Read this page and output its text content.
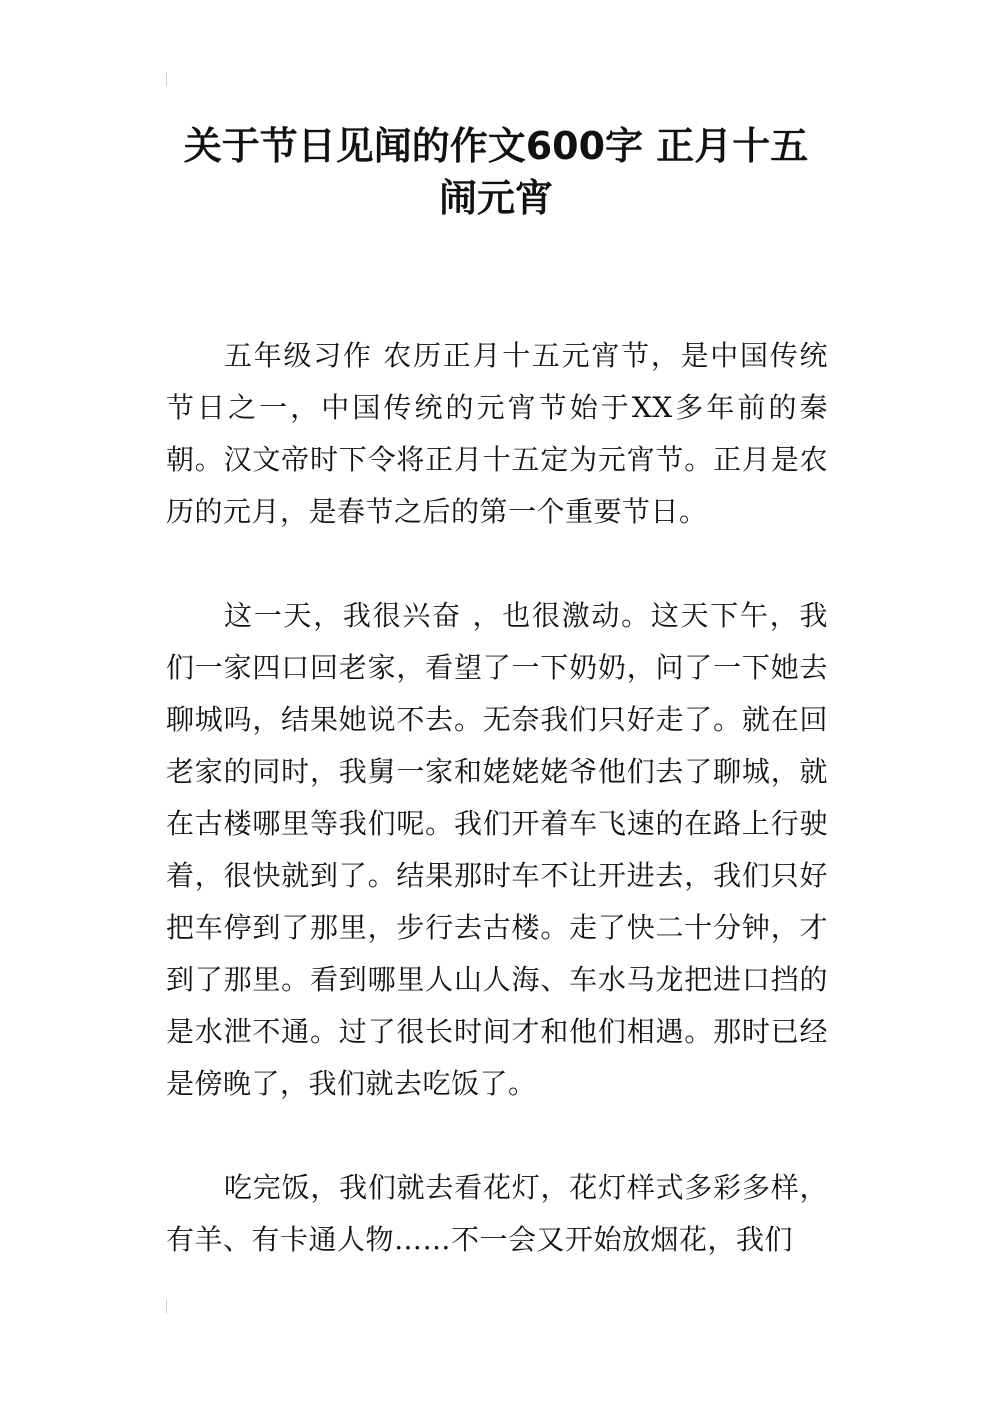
关于节日见闻的作文600字 正月十五
闹元宵

五年级习作 农历正月十五元宵节，是中国传统节日之一，中国传统的元宵节始于XX多年前的秦朝。汉文帝时下令将正月十五定为元宵节。正月是农历的元月，是春节之后的第一个重要节日。

这一天，我很兴奋 ，也很激动。这天下午，我们一家四口回老家，看望了一下奶奶，问了一下她去聊城吗，结果她说不去。无奈我们只好走了。就在回老家的同时，我舅一家和姥姥姥爷他们去了聊城，就在古楼哪里等我们呢。我们开着车飞速的在路上行驶着，很快就到了。结果那时车不让开进去，我们只好把车停到了那里，步行去古楼。走了快二十分钟，才到了那里。看到哪里人山人海、车水马龙把进口挡的是水泄不通。过了很长时间才和他们相遇。那时已经是傍晚了，我们就去吃饭了。

吃完饭，我们就去看花灯，花灯样式多彩多样，有羊、有卡通人物……不一会又开始放烟花，我们
